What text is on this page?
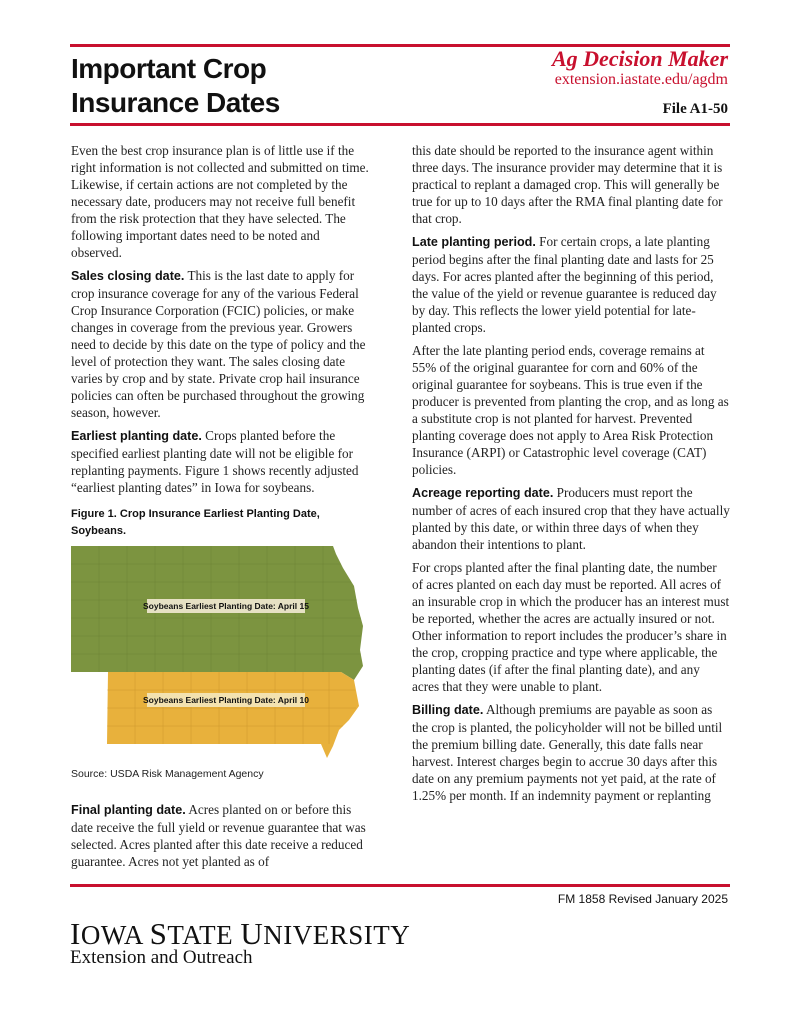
Important Crop
Insurance Dates
Ag Decision Maker
extension.iastate.edu/agdm
File A1-50

Even the best crop insurance plan is of little use if the right information is not collected and submitted on time. Likewise, if certain actions are not completed by the necessary date, producers may not receive full benefit from the risk protection that they have selected. The following important dates need to be noted and observed.

Sales closing date. This is the last date to apply for crop insurance coverage for any of the various Federal Crop Insurance Corporation (FCIC) policies, or make changes in coverage from the previous year. Growers need to decide by this date on the type of policy and the level of protection they want. The sales closing date varies by crop and by state. Private crop hail insurance policies can often be purchased throughout the growing season, however.

Earliest planting date. Crops planted before the specified earliest planting date will not be eligible for replanting payments. Figure 1 shows recently adjusted “earliest planting dates” in Iowa for soybeans.

Figure 1. Crop Insurance Earliest Planting Date, Soybeans.
Soybeans Earliest Planting Date: April 15
Soybeans Earliest Planting Date: April 10
Source: USDA Risk Management Agency

Final planting date. Acres planted on or before this date receive the full yield or revenue guarantee that was selected. Acres planted after this date receive a reduced guarantee. Acres not yet planted as of

this date should be reported to the insurance agent within three days. The insurance provider may determine that it is practical to replant a damaged crop. This will generally be true for up to 10 days after the RMA final planting date for that crop.

Late planting period. For certain crops, a late planting period begins after the final planting date and lasts for 25 days. For acres planted after the beginning of this period, the value of the yield or revenue guarantee is reduced day by day. This reflects the lower yield potential for late-planted crops.

After the late planting period ends, coverage remains at 55% of the original guarantee for corn and 60% of the original guarantee for soybeans. This is true even if the producer is prevented from planting the crop, and as long as a substitute crop is not planted for harvest. Prevented planting coverage does not apply to Area Risk Protection Insurance (ARPI) or Catastrophic level coverage (CAT) policies.

Acreage reporting date. Producers must report the number of acres of each insured crop that they have actually planted by this date, or within three days of when they abandon their intentions to plant.

For crops planted after the final planting date, the number of acres planted on each day must be reported. All acres of an insurable crop in which the producer has an interest must be reported, whether the acres are actually insured or not. Other information to report includes the producer’s share in the crop, cropping practice and type where applicable, the planting dates (if after the final planting date), and any acres that they were unable to plant.

Billing date. Although premiums are payable as soon as the crop is planted, the policyholder will not be billed until the premium billing date. Generally, this date falls near harvest. Interest charges begin to accrue 30 days after this date on any premium payments not yet paid, at the rate of 1.25% per month. If an indemnity payment or replanting

FM 1858 Revised January 2025
IOWA STATE UNIVERSITY
Extension and Outreach
